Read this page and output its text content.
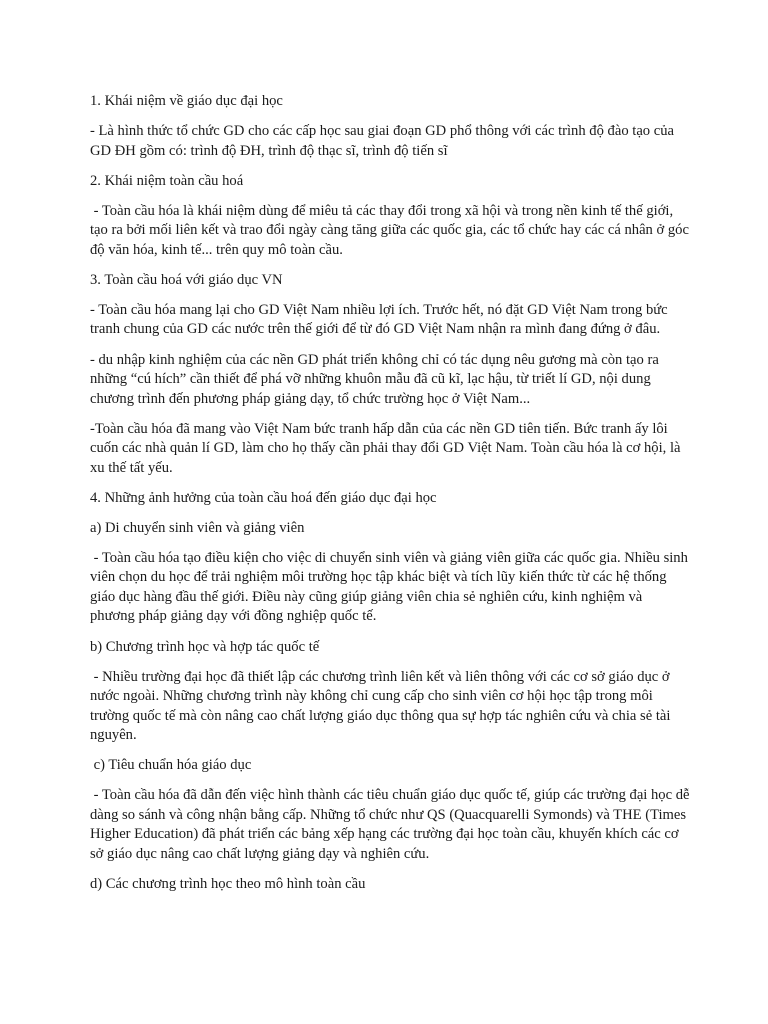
1. Khái niệm về giáo dục đại học

- Là hình thức tổ chức GD cho các cấp học sau giai đoạn GD phổ thông với các trình độ đào tạo của GD ĐH gồm có: trình độ ĐH, trình độ thạc sĩ, trình độ tiến sĩ

2. Khái niệm toàn cầu hoá

- Toàn cầu hóa là khái niệm dùng để miêu tả các thay đổi trong xã hội và trong nền kinh tế thế giới, tạo ra bởi mối liên kết và trao đổi ngày càng tăng giữa các quốc gia, các tổ chức hay các cá nhân ở góc độ văn hóa, kinh tế... trên quy mô toàn cầu.

3. Toàn cầu hoá với giáo dục VN

- Toàn cầu hóa mang lại cho GD Việt Nam nhiều lợi ích. Trước hết, nó đặt GD Việt Nam trong bức tranh chung của GD các nước trên thế giới để từ đó GD Việt Nam nhận ra mình đang đứng ở đâu.

- du nhập kinh nghiệm của các nền GD phát triển không chỉ có tác dụng nêu gương mà còn tạo ra những “cú hích” cần thiết để phá vỡ những khuôn mẫu đã cũ kĩ, lạc hậu, từ triết lí GD, nội dung chương trình đến phương pháp giảng dạy, tổ chức trường học ở Việt Nam...

-Toàn cầu hóa đã mang vào Việt Nam bức tranh hấp dẫn của các nền GD tiên tiến. Bức tranh ấy lôi cuốn các nhà quản lí GD, làm cho họ thấy cần phải thay đổi GD Việt Nam. Toàn cầu hóa là cơ hội, là xu thế tất yếu.

4. Những ảnh hưởng của toàn cầu hoá đến giáo dục đại học

a) Di chuyển sinh viên và giảng viên

- Toàn cầu hóa tạo điều kiện cho việc di chuyển sinh viên và giảng viên giữa các quốc gia. Nhiều sinh viên chọn du học để trải nghiệm môi trường học tập khác biệt và tích lũy kiến thức từ các hệ thống giáo dục hàng đầu thế giới. Điều này cũng giúp giảng viên chia sẻ nghiên cứu, kinh nghiệm và phương pháp giảng dạy với đồng nghiệp quốc tế.

b) Chương trình học và hợp tác quốc tế

- Nhiều trường đại học đã thiết lập các chương trình liên kết và liên thông với các cơ sở giáo dục ở nước ngoài. Những chương trình này không chỉ cung cấp cho sinh viên cơ hội học tập trong môi trường quốc tế mà còn nâng cao chất lượng giáo dục thông qua sự hợp tác nghiên cứu và chia sẻ tài nguyên.

c) Tiêu chuẩn hóa giáo dục

- Toàn cầu hóa đã dẫn đến việc hình thành các tiêu chuẩn giáo dục quốc tế, giúp các trường đại học dễ dàng so sánh và công nhận bằng cấp. Những tổ chức như QS (Quacquarelli Symonds) và THE (Times Higher Education) đã phát triển các bảng xếp hạng các trường đại học toàn cầu, khuyến khích các cơ sở giáo dục nâng cao chất lượng giảng dạy và nghiên cứu.

d) Các chương trình học theo mô hình toàn cầu
